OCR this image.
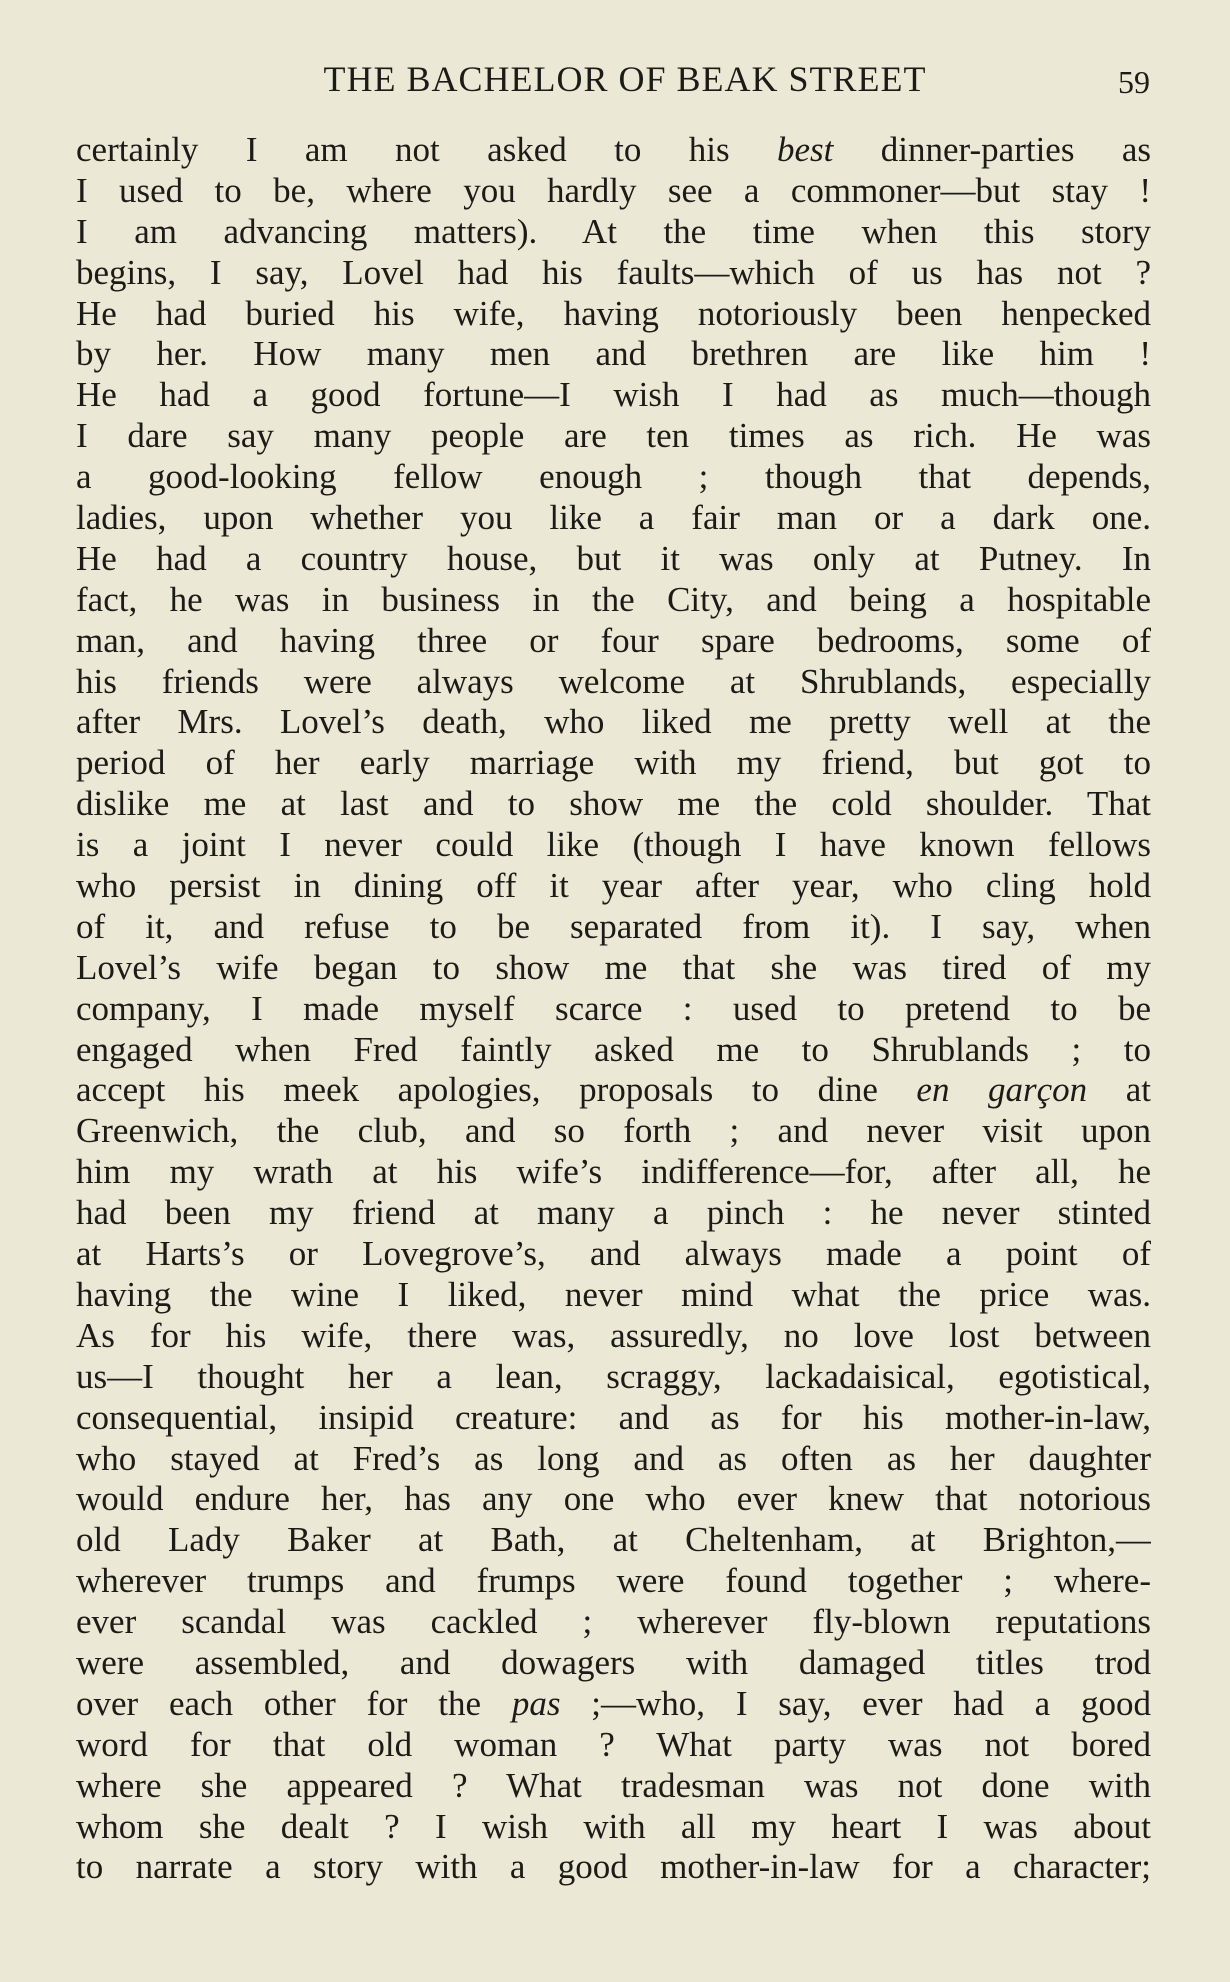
THE BACHELOR OF BEAK STREET	59
certainly I am not asked to his best dinner-parties as
I used to be, where you hardly see a commoner—but stay !
I am advancing matters). At the time when this story
begins, I say, Lovel had his faults—which of us has not ?
He had buried his wife, having notoriously been henpecked
by her. How many men and brethren are like him !
He had a good fortune—I wish I had as much—though
I dare say many people are ten times as rich. He was
a good-looking fellow enough ; though that depends,
ladies, upon whether you like a fair man or a dark one.
He had a country house, but it was only at Putney. In
fact, he was in business in the City, and being a hospitable
man, and having three or four spare bedrooms, some of
his friends were always welcome at Shrublands, especially
after Mrs. Lovel’s death, who liked me pretty well at the
period of her early marriage with my friend, but got to
dislike me at last and to show me the cold shoulder. That
is a joint I never could like (though I have known fellows
who persist in dining off it year after year, who cling hold
of it, and refuse to be separated from it). I say, when
Lovel’s wife began to show me that she was tired of my
company, I made myself scarce : used to pretend to be
engaged when Fred faintly asked me to Shrublands ; to
accept his meek apologies, proposals to dine en garçon at
Greenwich, the club, and so forth ; and never visit upon
him my wrath at his wife’s indifference—for, after all, he
had been my friend at many a pinch : he never stinted
at Harts’s or Lovegrove’s, and always made a point of
having the wine I liked, never mind what the price was.
As for his wife, there was, assuredly, no love lost between
us—I thought her a lean, scraggy, lackadaisical, egotistical,
consequential, insipid creature: and as for his mother-in-law,
who stayed at Fred’s as long and as often as her daughter
would endure her, has any one who ever knew that notorious
old Lady Baker at Bath, at Cheltenham, at Brighton,—
wherever trumps and frumps were found together ; where-
ever scandal was cackled ; wherever fly-blown reputations
were assembled, and dowagers with damaged titles trod
over each other for the pas ;—who, I say, ever had a good
word for that old woman ? What party was not bored
where she appeared ? What tradesman was not done with
whom she dealt ? I wish with all my heart I was about
to narrate a story with a good mother-in-law for a character;
